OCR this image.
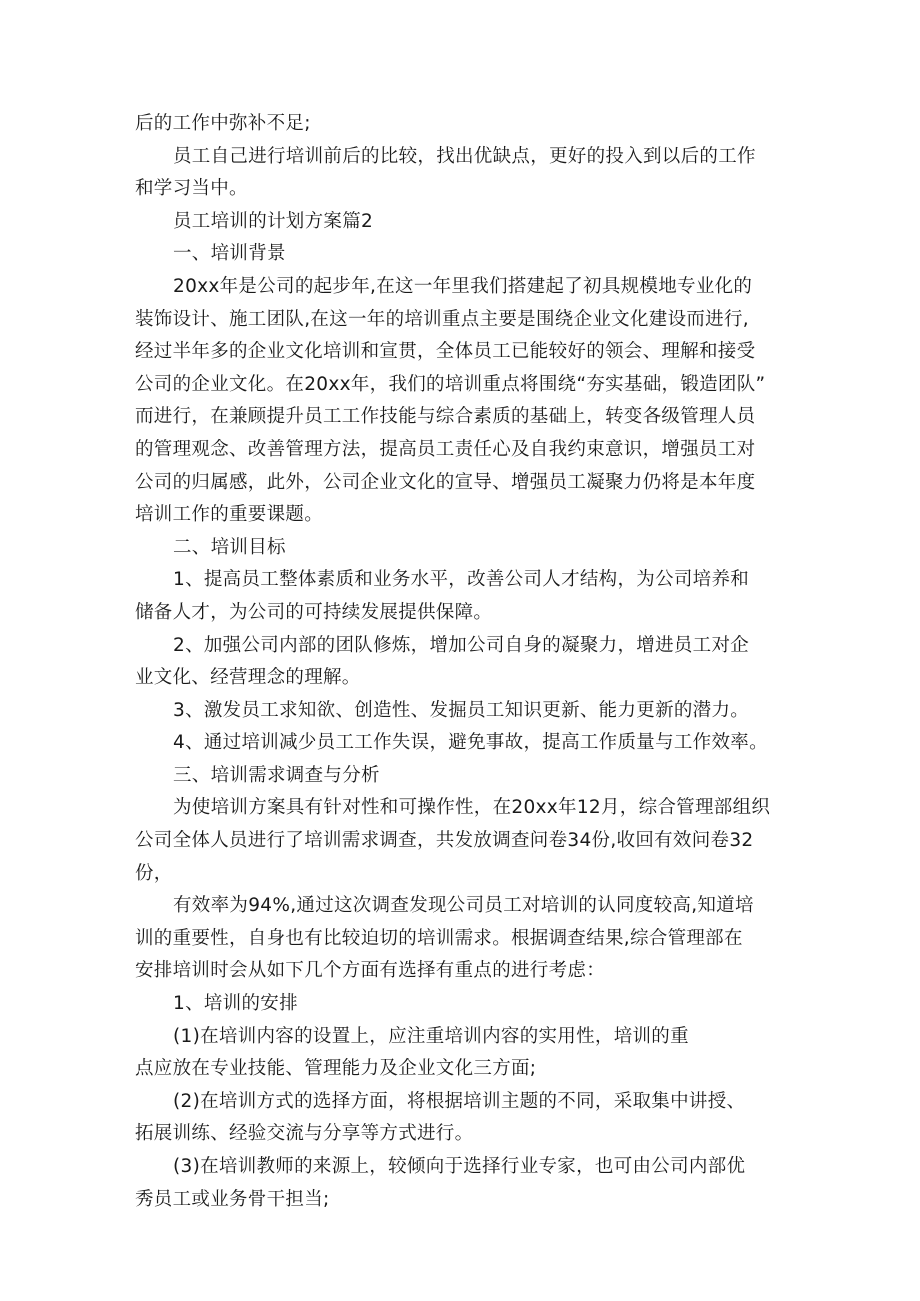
后的工作中弥补不足;

员工自己进行培训前后的比较，找出优缺点，更好的投入到以后的工作

和学习当中。

员工培训的计划方案篇2

一、培训背景

20xx年是公司的起步年,在这一年里我们搭建起了初具规模地专业化的

装饰设计、施工团队,在这一年的培训重点主要是围绕企业文化建设而进行,

经过半年多的企业文化培训和宣贯，全体员工已能较好的领会、理解和接受

公司的企业文化。在20xx年，我们的培训重点将围绕“夯实基础，锻造团队”

而进行，在兼顾提升员工工作技能与综合素质的基础上，转变各级管理人员

的管理观念、改善管理方法，提高员工责任心及自我约束意识，增强员工对

公司的归属感，此外，公司企业文化的宣导、增强员工凝聚力仍将是本年度

培训工作的重要课题。

二、培训目标

1、提高员工整体素质和业务水平，改善公司人才结构，为公司培养和

储备人才，为公司的可持续发展提供保障。

2、加强公司内部的团队修炼，增加公司自身的凝聚力，增进员工对企

业文化、经营理念的理解。

3、激发员工求知欲、创造性、发掘员工知识更新、能力更新的潜力。

4、通过培训减少员工工作失误，避免事故，提高工作质量与工作效率。

三、培训需求调查与分析

为使培训方案具有针对性和可操作性，在20xx年12月，综合管理部组织

公司全体人员进行了培训需求调查，共发放调查问卷34份,收回有效问卷32

份，

有效率为94%,通过这次调查发现公司员工对培训的认同度较高,知道培

训的重要性，自身也有比较迫切的培训需求。根据调查结果,综合管理部在

安排培训时会从如下几个方面有选择有重点的进行考虑：

1、培训的安排

(1)在培训内容的设置上，应注重培训内容的实用性，培训的重

点应放在专业技能、管理能力及企业文化三方面;

(2)在培训方式的选择方面，将根据培训主题的不同，采取集中讲授、

拓展训练、经验交流与分享等方式进行。

(3)在培训教师的来源上，较倾向于选择行业专家，也可由公司内部优

秀员工或业务骨干担当;
